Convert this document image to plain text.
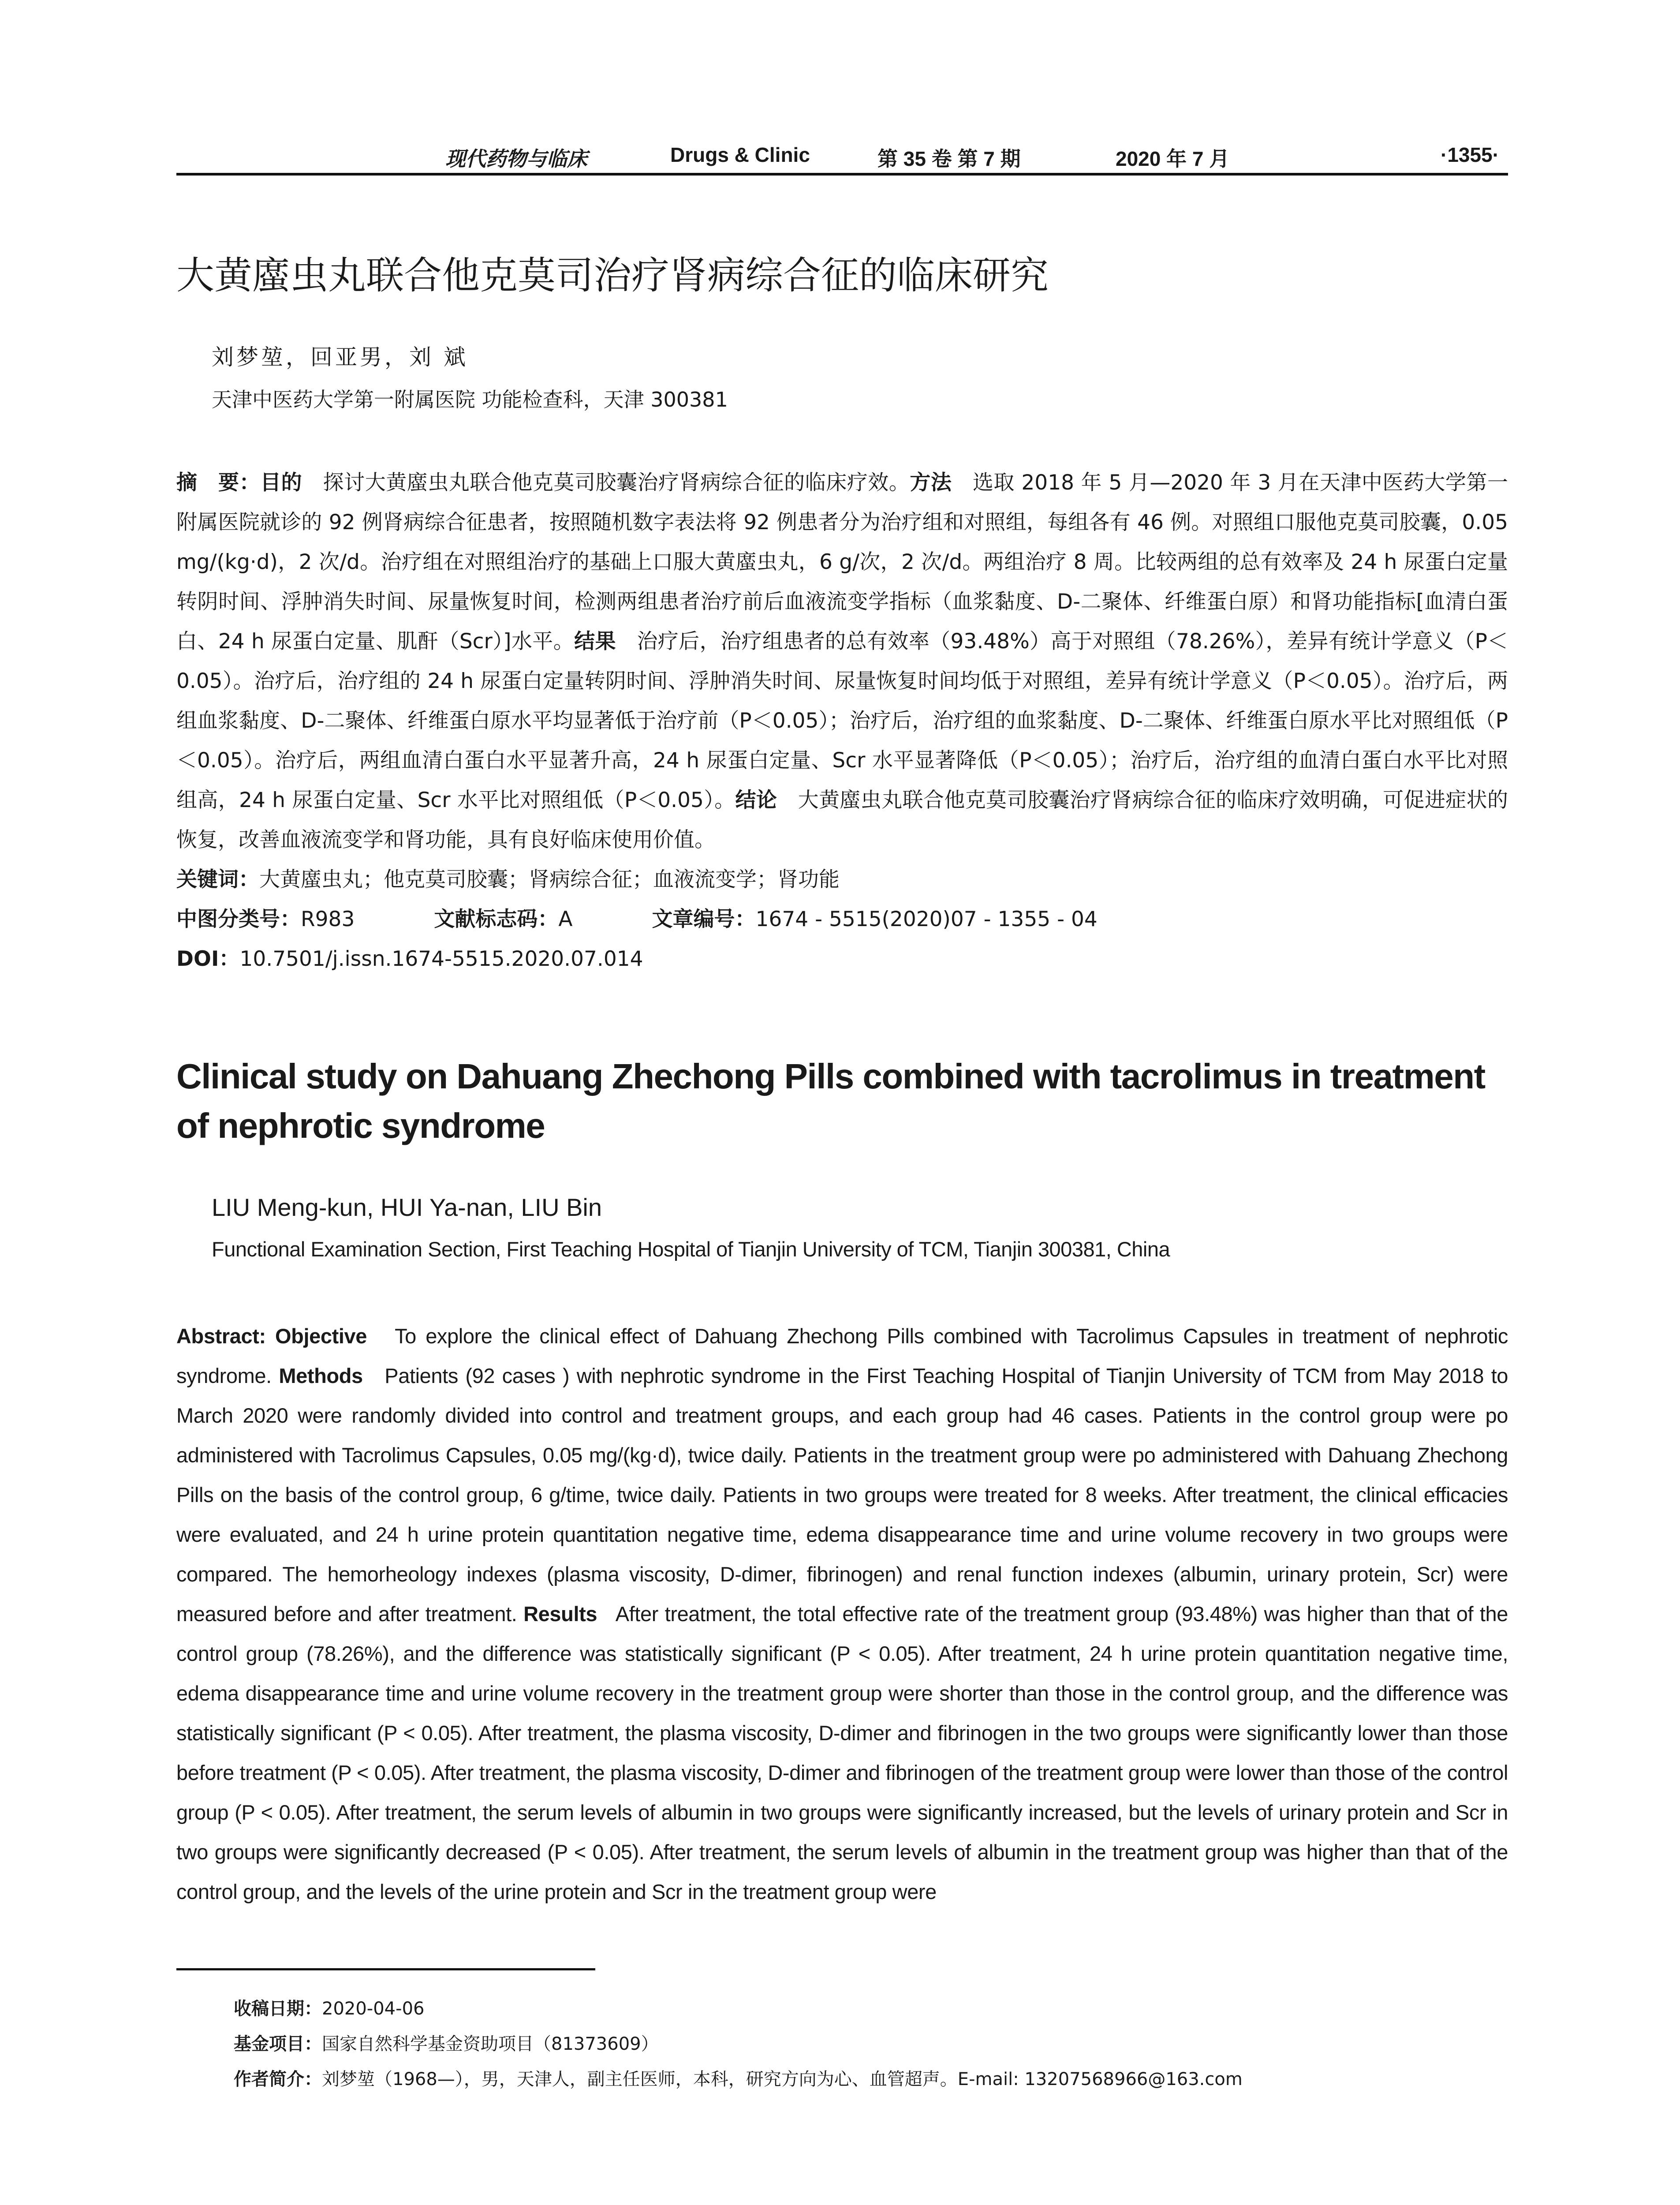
现代药物与临床	Drugs & Clinic	第 35 卷 第 7 期	2020 年 7 月	·1355·
大黄䗪虫丸联合他克莫司治疗肾病综合征的临床研究
刘梦堃，回亚男，刘 斌
天津中医药大学第一附属医院 功能检查科，天津 300381

摘　要：目的　探讨大黄䗪虫丸联合他克莫司胶囊治疗肾病综合征的临床疗效。方法　选取 2018 年 5 月—2020 年 3 月在天津中医药大学第一附属医院就诊的 92 例肾病综合征患者，按照随机数字表法将 92 例患者分为治疗组和对照组，每组各有 46 例。对照组口服他克莫司胶囊，0.05 mg/(kg·d)，2 次/d。治疗组在对照组治疗的基础上口服大黄䗪虫丸，6 g/次，2 次/d。两组治疗 8 周。比较两组的总有效率及 24 h 尿蛋白定量转阴时间、浮肿消失时间、尿量恢复时间，检测两组患者治疗前后血液流变学指标（血浆黏度、D-二聚体、纤维蛋白原）和肾功能指标[血清白蛋白、24 h 尿蛋白定量、肌酐（Scr）]水平。结果　治疗后，治疗组患者的总有效率（93.48%）高于对照组（78.26%），差异有统计学意义（P＜0.05）。治疗后，治疗组的 24 h 尿蛋白定量转阴时间、浮肿消失时间、尿量恢复时间均低于对照组，差异有统计学意义（P＜0.05）。治疗后，两组血浆黏度、D-二聚体、纤维蛋白原水平均显著低于治疗前（P＜0.05）；治疗后，治疗组的血浆黏度、D-二聚体、纤维蛋白原水平比对照组低（P＜0.05）。治疗后，两组血清白蛋白水平显著升高，24 h 尿蛋白定量、Scr 水平显著降低（P＜0.05）；治疗后，治疗组的血清白蛋白水平比对照组高，24 h 尿蛋白定量、Scr 水平比对照组低（P＜0.05）。结论　大黄䗪虫丸联合他克莫司胶囊治疗肾病综合征的临床疗效明确，可促进症状的恢复，改善血液流变学和肾功能，具有良好临床使用价值。

关键词：大黄䗪虫丸；他克莫司胶囊；肾病综合征；血液流变学；肾功能

中图分类号：R983	文献标志码：A	文章编号：1674 - 5515(2020)07 - 1355 - 04

DOI：10.7501/j.issn.1674-5515.2020.07.014

Clinical study on Dahuang Zhechong Pills combined with tacrolimus in treatment of nephrotic syndrome
LIU Meng-kun, HUI Ya-nan, LIU Bin
Functional Examination Section, First Teaching Hospital of Tianjin University of TCM, Tianjin 300381, China

Abstract: Objective To explore the clinical effect of Dahuang Zhechong Pills combined with Tacrolimus Capsules in treatment of nephrotic syndrome. Methods Patients (92 cases ) with nephrotic syndrome in the First Teaching Hospital of Tianjin University of TCM from May 2018 to March 2020 were randomly divided into control and treatment groups, and each group had 46 cases. Patients in the control group were po administered with Tacrolimus Capsules, 0.05 mg/(kg·d), twice daily. Patients in the treatment group were po administered with Dahuang Zhechong Pills on the basis of the control group, 6 g/time, twice daily. Patients in two groups were treated for 8 weeks. After treatment, the clinical efficacies were evaluated, and 24 h urine protein quantitation negative time, edema disappearance time and urine volume recovery in two groups were compared. The hemorheology indexes (plasma viscosity, D-dimer, fibrinogen) and renal function indexes (albumin, urinary protein, Scr) were measured before and after treatment. Results After treatment, the total effective rate of the treatment group (93.48%) was higher than that of the control group (78.26%), and the difference was statistically significant (P < 0.05). After treatment, 24 h urine protein quantitation negative time, edema disappearance time and urine volume recovery in the treatment group were shorter than those in the control group, and the difference was statistically significant (P < 0.05). After treatment, the plasma viscosity, D-dimer and fibrinogen in the two groups were significantly lower than those before treatment (P < 0.05). After treatment, the plasma viscosity, D-dimer and fibrinogen of the treatment group were lower than those of the control group (P < 0.05). After treatment, the serum levels of albumin in two groups were significantly increased, but the levels of urinary protein and Scr in two groups were significantly decreased (P < 0.05). After treatment, the serum levels of albumin in the treatment group was higher than that of the control group, and the levels of the urine protein and Scr in the treatment group were

收稿日期：2020-04-06
基金项目：国家自然科学基金资助项目（81373609）
作者简介：刘梦堃（1968—），男，天津人，副主任医师，本科，研究方向为心、血管超声。E-mail: 13207568966@163.com
